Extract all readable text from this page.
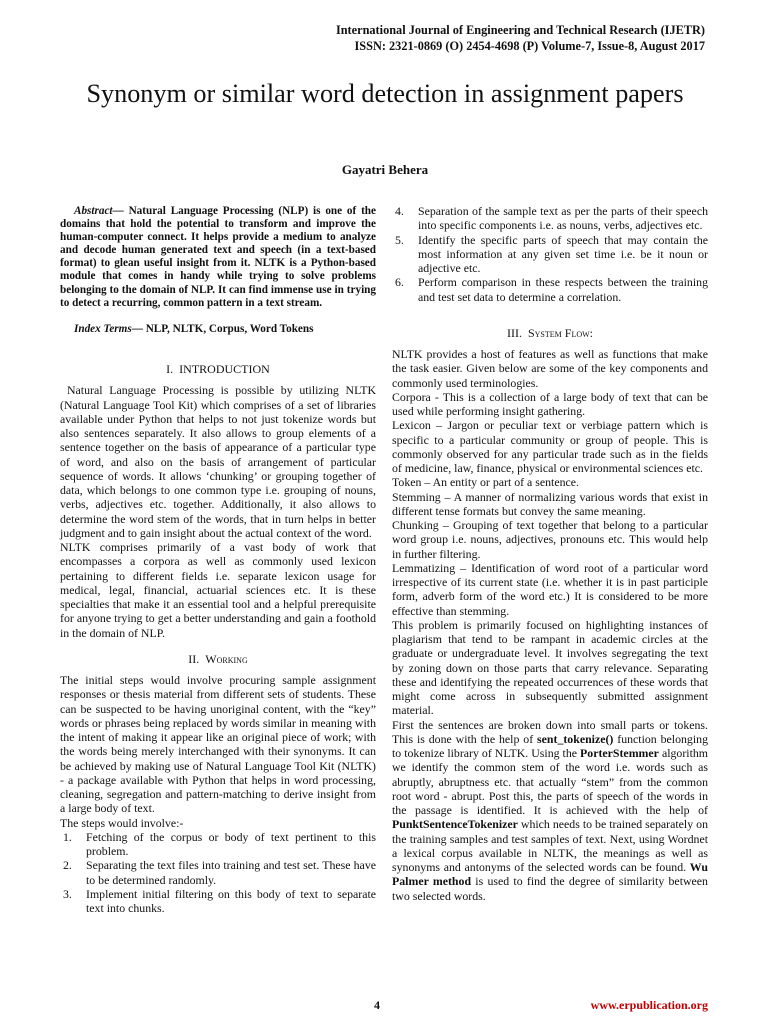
International Journal of Engineering and Technical Research (IJETR)
ISSN: 2321-0869 (O) 2454-4698 (P) Volume-7, Issue-8, August 2017
Synonym or similar word detection in assignment papers
Gayatri Behera
Abstract— Natural Language Processing (NLP) is one of the domains that hold the potential to transform and improve the human-computer connect. It helps provide a medium to analyze and decode human generated text and speech (in a text-based format) to glean useful insight from it. NLTK is a Python-based module that comes in handy while trying to solve problems belonging to the domain of NLP. It can find immense use in trying to detect a recurring, common pattern in a text stream.
Index Terms— NLP, NLTK, Corpus, Word Tokens
I. INTRODUCTION

Natural Language Processing is possible by utilizing NLTK (Natural Language Tool Kit) which comprises of a set of libraries available under Python that helps to not just tokenize words but also sentences separately. It also allows to group elements of a sentence together on the basis of appearance of a particular type of word, and also on the basis of arrangement of particular sequence of words. It allows ‘chunking’ or grouping together of data, which belongs to one common type i.e. grouping of nouns, verbs, adjectives etc. together. Additionally, it also allows to determine the word stem of the words, that in turn helps in better judgment and to gain insight about the actual context of the word.

NLTK comprises primarily of a vast body of work that encompasses a corpora as well as commonly used lexicon pertaining to different fields i.e. separate lexicon usage for medical, legal, financial, actuarial sciences etc. It is these specialties that make it an essential tool and a helpful prerequisite for anyone trying to get a better understanding and gain a foothold in the domain of NLP.

II. Working

The initial steps would involve procuring sample assignment responses or thesis material from different sets of students. These can be suspected to be having unoriginal content, with the “key” words or phrases being replaced by words similar in meaning with the intent of making it appear like an original piece of work; with the words being merely interchanged with their synonyms. It can be achieved by making use of Natural Language Tool Kit (NLTK) - a package available with Python that helps in word processing, cleaning, segregation and pattern-matching to derive insight from a large body of text.

The steps would involve:-

1. Fetching of the corpus or body of text pertinent to this problem.
2. Separating the text files into training and test set. These have to be determined randomly.
3. Implement initial filtering on this body of text to separate text into chunks.
4. Separation of the sample text as per the parts of their speech into specific components i.e. as nouns, verbs, adjectives etc.
5. Identify the specific parts of speech that may contain the most information at any given set time i.e. be it noun or adjective etc.
6. Perform comparison in these respects between the training and test set data to determine a correlation.
III. System Flow:

NLTK provides a host of features as well as functions that make the task easier. Given below are some of the key components and commonly used terminologies.

Corpora - This is a collection of a large body of text that can be used while performing insight gathering.

Lexicon – Jargon or peculiar text or verbiage pattern which is specific to a particular community or group of people. This is commonly observed for any particular trade such as in the fields of medicine, law, finance, physical or environmental sciences etc.

Token – An entity or part of a sentence.

Stemming – A manner of normalizing various words that exist in different tense formats but convey the same meaning.

Chunking – Grouping of text together that belong to a particular word group i.e. nouns, adjectives, pronouns etc. This would help in further filtering.

Lemmatizing – Identification of word root of a particular word irrespective of its current state (i.e. whether it is in past participle form, adverb form of the word etc.) It is considered to be more effective than stemming.

This problem is primarily focused on highlighting instances of plagiarism that tend to be rampant in academic circles at the graduate or undergraduate level. It involves segregating the text by zoning down on those parts that carry relevance. Separating these and identifying the repeated occurrences of these words that might come across in subsequently submitted assignment material.

First the sentences are broken down into small parts or tokens. This is done with the help of sent_tokenize() function belonging to tokenize library of NLTK. Using the PorterStemmer algorithm we identify the common stem of the word i.e. words such as abruptly, abruptness etc. that actually “stem” from the common root word - abrupt. Post this, the parts of speech of the words in the passage is identified. It is achieved with the help of PunktSentenceTokenizer which needs to be trained separately on the training samples and test samples of text. Next, using Wordnet a lexical corpus available in NLTK, the meanings as well as synonyms and antonyms of the selected words can be found. Wu Palmer method is used to find the degree of similarity between two selected words.

4	www.erpublication.org
